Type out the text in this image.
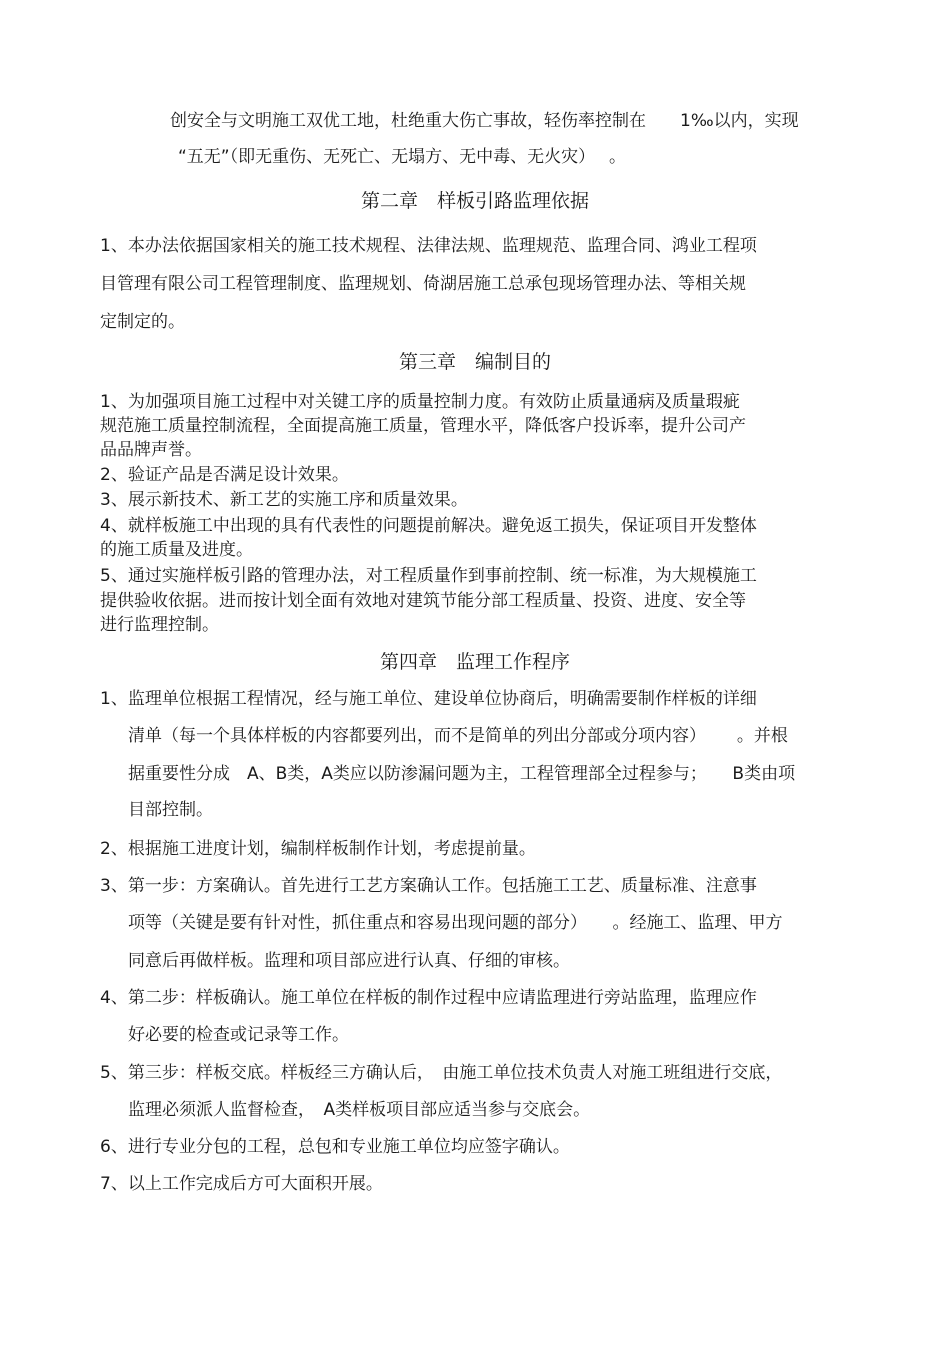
创安全与文明施工双优工地，杜绝重大伤亡事故，轻伤率控制在　　1‰以内，实现
“五无”（即无重伤、无死亡、无塌方、无中毒、无火灾）　 。
第二章　样板引路监理依据
1、本办法依据国家相关的施工技术规程、法律法规、监理规范、监理合同、鸿业工程项
目管理有限公司工程管理制度、监理规划、倚湖居施工总承包现场管理办法、等相关规
定制定的。
第三章　编制目的
1、为加强项目施工过程中对关键工序的质量控制力度。有效防止质量通病及质量瑕疵
规范施工质量控制流程，全面提高施工质量，管理水平，降低客户投诉率，提升公司产
品品牌声誉。
2、验证产品是否满足设计效果。
3、展示新技术、新工艺的实施工序和质量效果。
4、就样板施工中出现的具有代表性的问题提前解决。避免返工损失，保证项目开发整体
的施工质量及进度。
5、通过实施样板引路的管理办法，对工程质量作到事前控制、统一标准，为大规模施工
提供验收依据。进而按计划全面有效地对建筑节能分部工程质量、投资、进度、安全等
进行监理控制。
第四章　监理工作程序
1、监理单位根据工程情况，经与施工单位、建设单位协商后，明确需要制作样板的详细
清单（每一个具体样板的内容都要列出，而不是简单的列出分部或分项内容）　　 。并根
据重要性分成　A、B类，A类应以防渗漏问题为主，工程管理部全过程参与；　　B类由项
目部控制。
2、根据施工进度计划，编制样板制作计划，考虑提前量。
3、第一步：方案确认。首先进行工艺方案确认工作。包括施工工艺、质量标准、注意事
项等（关键是要有针对性，抓住重点和容易出现问题的部分）　　。经施工、监理、甲方
同意后再做样板。监理和项目部应进行认真、仔细的审核。
4、第二步：样板确认。施工单位在样板的制作过程中应请监理进行旁站监理，监理应作
好必要的检查或记录等工作。
5、第三步：样板交底。样板经三方确认后，　由施工单位技术负责人对施工班组进行交底，
监理必须派人监督检查，　A类样板项目部应适当参与交底会。
6、进行专业分包的工程，总包和专业施工单位均应签字确认。
7、以上工作完成后方可大面积开展。
